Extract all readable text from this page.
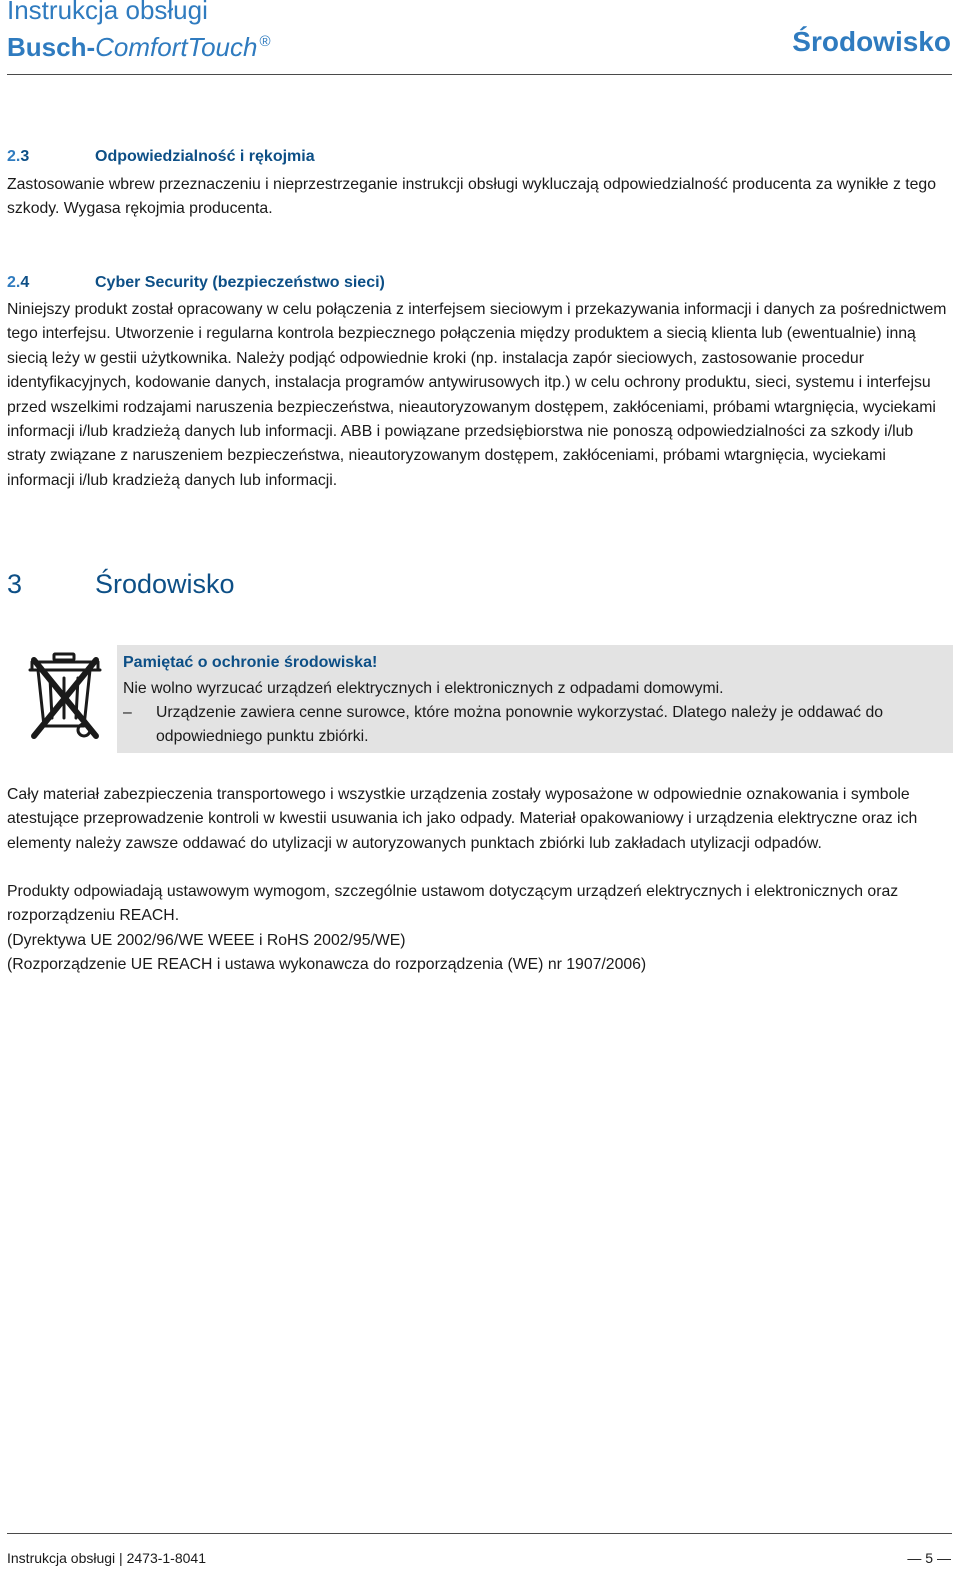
Instrukcja obsługi
Busch-ComfortTouch ®	Środowisko
2.3	Odpowiedzialność i rękojmia
Zastosowanie wbrew przeznaczeniu i nieprzestrzeganie instrukcji obsługi wykluczają odpowiedzialność producenta za wynikłe z tego szkody. Wygasa rękojmia producenta.
2.4	Cyber Security (bezpieczeństwo sieci)
Niniejszy produkt został opracowany w celu połączenia z interfejsem sieciowym i przekazywania informacji i danych za pośrednictwem tego interfejsu. Utworzenie i regularna kontrola bezpiecznego połączenia między produktem a siecią klienta lub (ewentualnie) inną siecią leży w gestii użytkownika. Należy podjąć odpowiednie kroki (np. instalacja zapór sieciowych, zastosowanie procedur identyfikacyjnych, kodowanie danych, instalacja programów antywirusowych itp.) w celu ochrony produktu, sieci, systemu i interfejsu przed wszelkimi rodzajami naruszenia bezpieczeństwa, nieautoryzowanym dostępem, zakłóceniami, próbami wtargnięcia, wyciekami informacji i/lub kradzieżą danych lub informacji. ABB i powiązane przedsiębiorstwa nie ponoszą odpowiedzialności za szkody i/lub straty związane z naruszeniem bezpieczeństwa, nieautoryzowanym dostępem, zakłóceniami, próbami wtargnięcia, wyciekami informacji i/lub kradzieżą danych lub informacji.
3	Środowisko
Pamiętać o ochronie środowiska!
Nie wolno wyrzucać urządzeń elektrycznych i elektronicznych z odpadami domowymi.
– Urządzenie zawiera cenne surowce, które można ponownie wykorzystać. Dlatego należy je oddawać do odpowiedniego punktu zbiórki.
Cały materiał zabezpieczenia transportowego i wszystkie urządzenia zostały wyposażone w odpowiednie oznakowania i symbole atestujące przeprowadzenie kontroli w kwestii usuwania ich jako odpady. Materiał opakowaniowy i urządzenia elektryczne oraz ich elementy należy zawsze oddawać do utylizacji w autoryzowanych punktach zbiórki lub zakładach utylizacji odpadów.
Produkty odpowiadają ustawowym wymogom, szczególnie ustawom dotyczącym urządzeń elektrycznych i elektronicznych oraz rozporządzeniu REACH.
(Dyrektywa UE 2002/96/WE WEEE i RoHS 2002/95/WE)
(Rozporządzenie UE REACH i ustawa wykonawcza do rozporządzenia (WE) nr 1907/2006)
Instrukcja obsługi | 2473-1-8041	— 5 —
